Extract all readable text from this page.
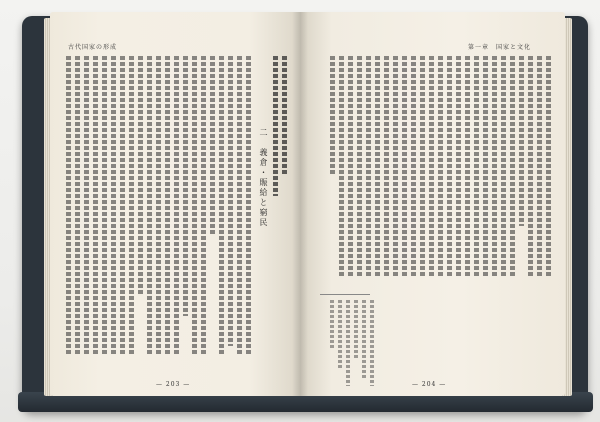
古代国家の形成
二　義倉・賑給と窮民
— 203 —
第一章　国家と文化
— 204 —
